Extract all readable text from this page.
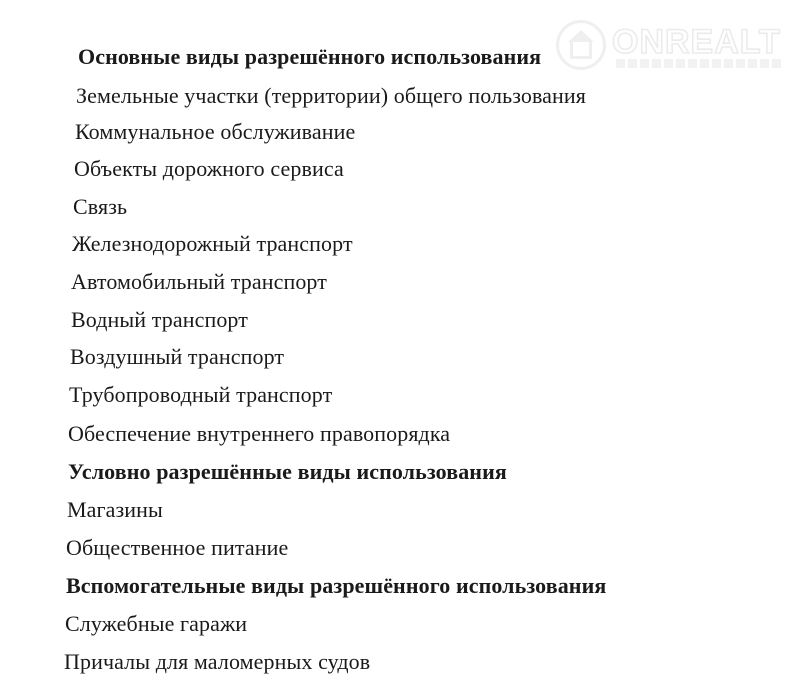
ONREALT
Основные виды разрешённого использования
Земельные участки (территории) общего пользования
Коммунальное обслуживание
Объекты дорожного сервиса
Связь
Железнодорожный транспорт
Автомобильный транспорт
Водный транспорт
Воздушный транспорт
Трубопроводный транспорт
Обеспечение внутреннего правопорядка
Условно разрешённые виды использования
Магазины
Общественное питание
Вспомогательные виды разрешённого использования
Служебные гаражи
Причалы для маломерных судов
